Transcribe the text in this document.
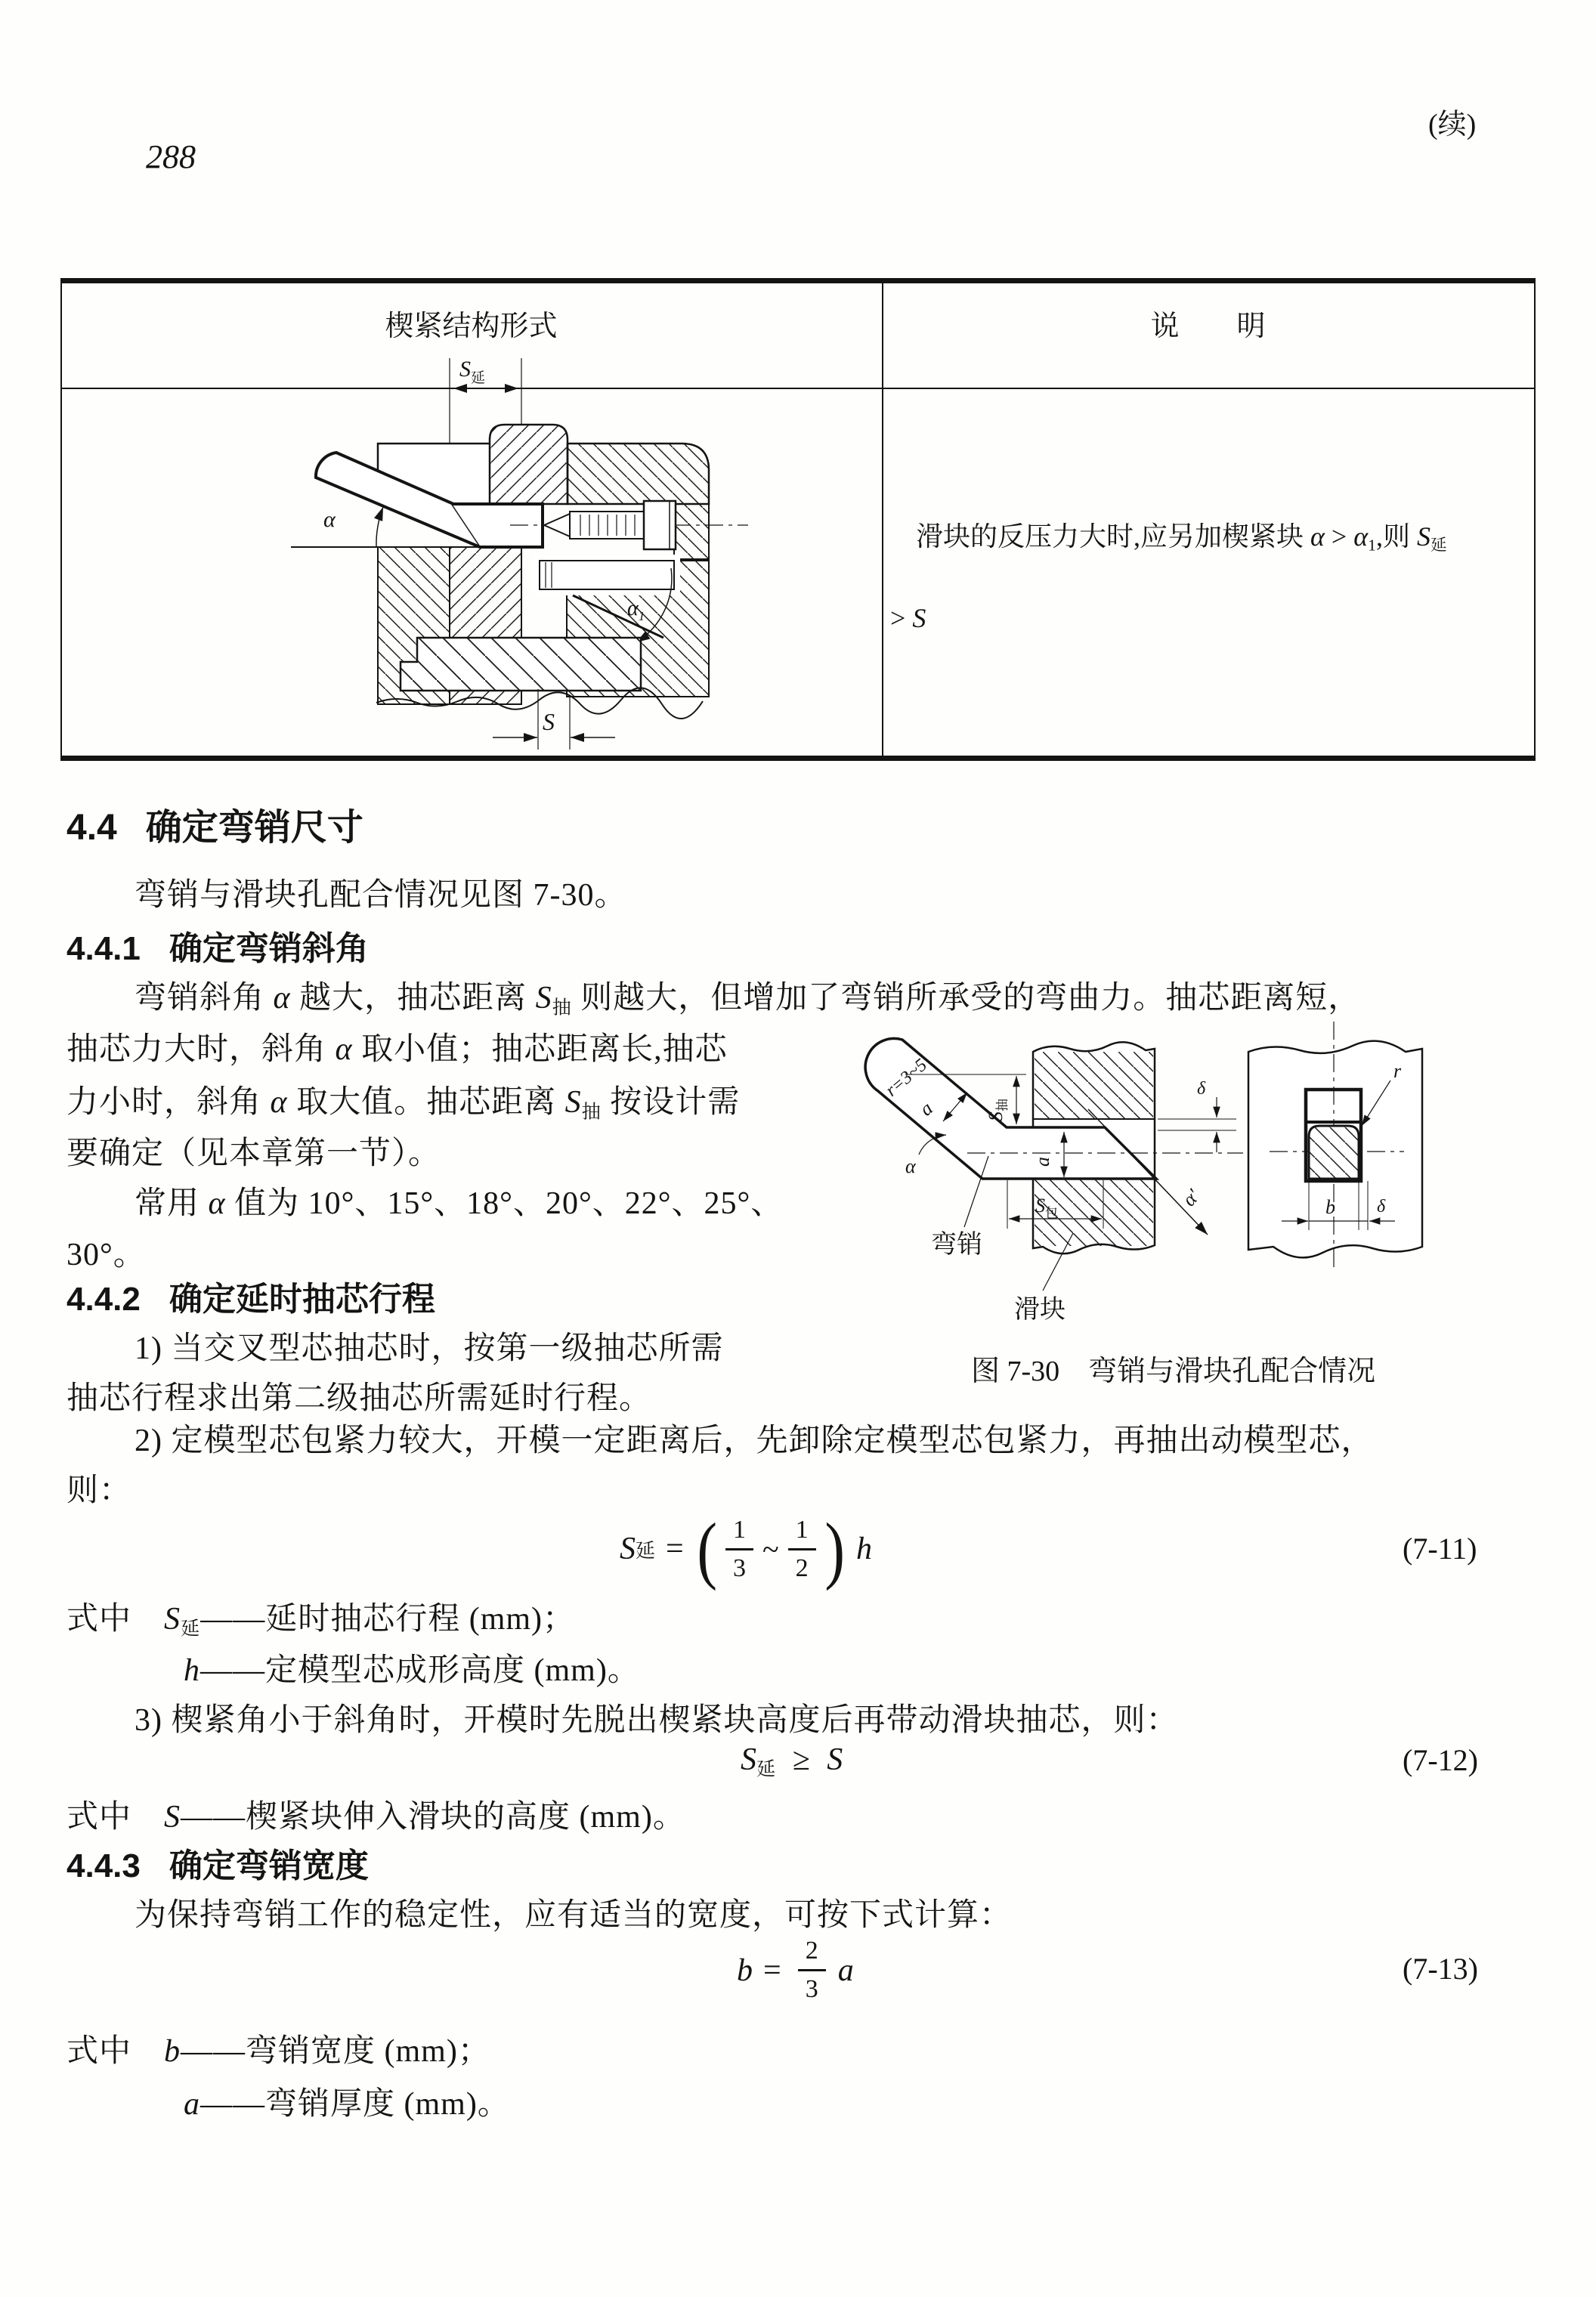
288
(续)
楔紧结构形式	说　　明
滑块的反压力大时,应另加楔紧块 $\alpha > \alpha_1$,则 $S_延$
> S
$S_延$
α
$\alpha_1$
S
4.4 确定弯销尺寸
弯销与滑块孔配合情况见图 7-30。
4.4.1 确定弯销斜角
弯销斜角 α 越大，抽芯距离 $S_抽$ 则越大，但增加了弯销所承受的弯曲力。抽芯距离短，
抽芯力大时，斜角 α 取小值；抽芯距离长,抽芯
力小时，斜角 α 取大值。抽芯距离 $S_抽$ 按设计需
要确定（见本章第一节）。
常用 α 值为 10°、15°、18°、20°、22°、25°、
30°。
4.4.2 确定延时抽芯行程
1) 当交叉型芯抽芯时，按第一级抽芯所需
抽芯行程求出第二级抽芯所需延时行程。
α′
r=3~5
a
α
$S_抽$
δ
a
$S_包$
弯销
滑块
r
b δ
图 7-30　弯销与滑块孔配合情况
2) 定模型芯包紧力较大，开模一定距离后，先卸除定模型芯包紧力，再抽出动模型芯，
则：
S 延 = ( $\frac{1}{3}$ ~ $\frac{1}{2}$ ) h	(7-11)
式中　$S_延——$延时抽芯行程 (mm)；
h——定模型芯成形高度 (mm)。
3) 楔紧角小于斜角时，开模时先脱出楔紧块高度后再带动滑块抽芯，则：
$S_延 \ge S$	(7-12)
式中　S——楔紧块伸入滑块的高度 (mm)。
4.4.3 确定弯销宽度
为保持弯销工作的稳定性，应有适当的宽度，可按下式计算：
$b = \frac{2}{3}$ a	(7-13)
式中　b——弯销宽度 (mm)；
a——弯销厚度 (mm)。
